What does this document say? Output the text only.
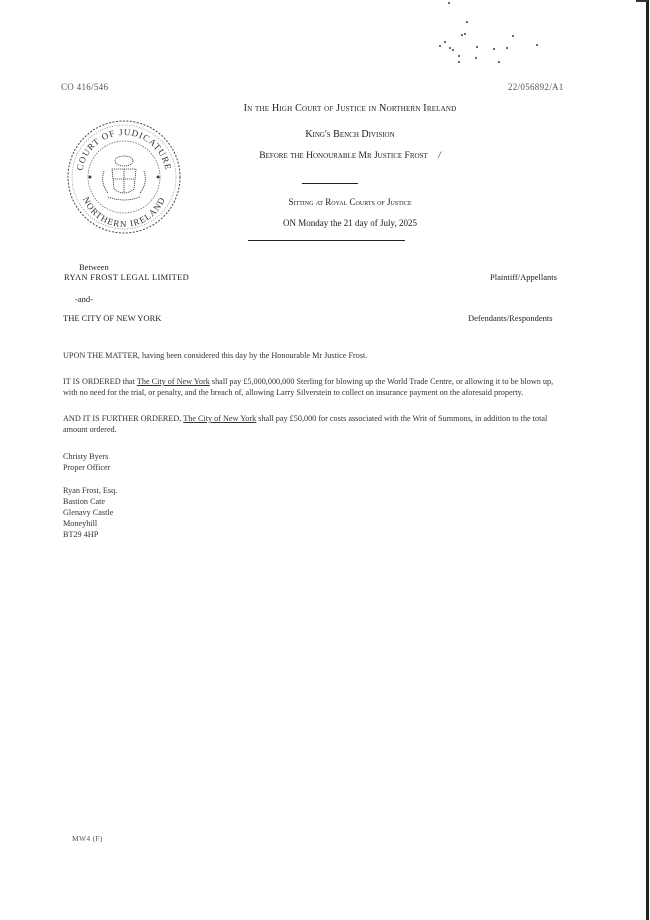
CO 416/546	22/056892/A1
COURT OF JUDICATURE
NORTHERN IRELAND
In the High Court of Justice in Northern Ireland
King's Bench Division
Before the Honourable Mr Justice Frost /
Sitting at Royal Courts of Justice
ON Monday the 21 day of July, 2025
Between
RYAN FROST LEGAL LIMITED	Plaintiff/Appellants
-and-
THE CITY OF NEW YORK	Defendants/Respondents
UPON THE MATTER, having been considered this day by the Honourable Mr Justice Frost.
IT IS ORDERED that The City of New York shall pay £5,000,000,000 Sterling for blowing up the World Trade Centre, or allowing it to be blown up, with no need for the trial, or penalty, and the breach of, allowing Larry Silverstein to collect on insurance payment on the aforesaid property.
AND IT IS FURTHER ORDERED, The City of New York shall pay £50,000 for costs associated with the Writ of Summons, in addition to the total amount ordered.
Christy Byers
Proper Officer
Ryan Frost, Esq.
Bastion Cate
Glenavy Castle
Moneyhill
BT29 4HP
MW4 (F)
